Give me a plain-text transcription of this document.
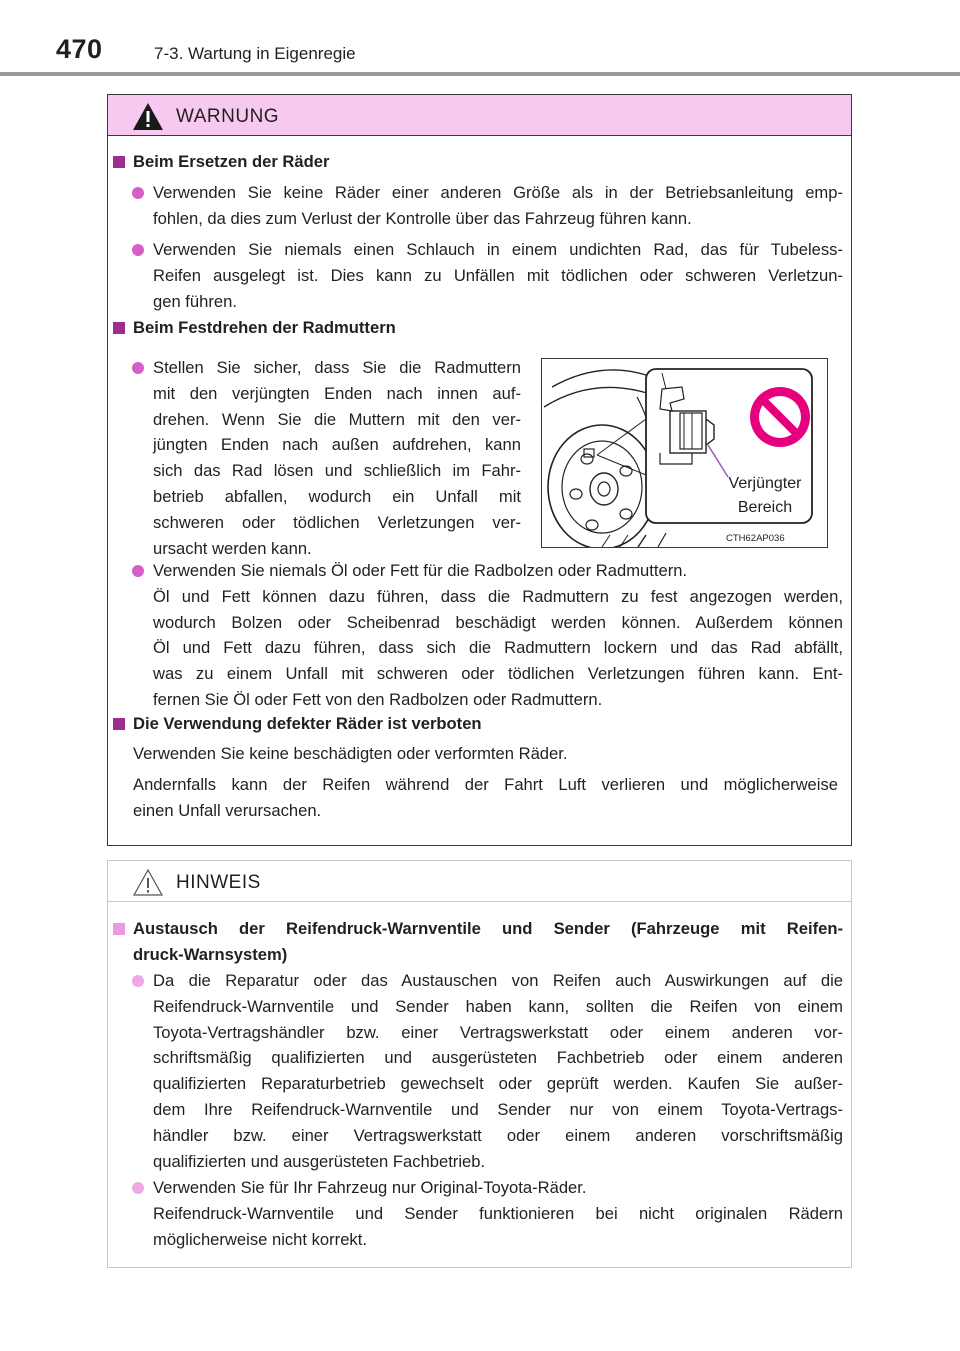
470	7-3. Wartung in Eigenregie
WARNUNG
Beim Ersetzen der Räder
Verwenden Sie keine Räder einer anderen Größe als in der Betriebsanleitung emp-
fohlen, da dies zum Verlust der Kontrolle über das Fahrzeug führen kann.
Verwenden Sie niemals einen Schlauch in einem undichten Rad, das für Tubeless-
Reifen ausgelegt ist. Dies kann zu Unfällen mit tödlichen oder schweren Verletzun-
gen führen.
Beim Festdrehen der Radmuttern
Stellen Sie sicher, dass Sie die Radmuttern
mit den verjüngten Enden nach innen auf-
drehen. Wenn Sie die Muttern mit den ver-
jüngten Enden nach außen aufdrehen, kann
sich das Rad lösen und schließlich im Fahr-
betrieb abfallen, wodurch ein Unfall mit
schweren oder tödlichen Verletzungen ver-
ursacht werden kann.
Verjüngter
Bereich
CTH62AP036
Verwenden Sie niemals Öl oder Fett für die Radbolzen oder Radmuttern.
Öl und Fett können dazu führen, dass die Radmuttern zu fest angezogen werden,
wodurch Bolzen oder Scheibenrad beschädigt werden können. Außerdem können
Öl und Fett dazu führen, dass sich die Radmuttern lockern und das Rad abfällt,
was zu einem Unfall mit schweren oder tödlichen Verletzungen führen kann. Ent-
fernen Sie Öl oder Fett von den Radbolzen oder Radmuttern.
Die Verwendung defekter Räder ist verboten
Verwenden Sie keine beschädigten oder verformten Räder.
Andernfalls kann der Reifen während der Fahrt Luft verlieren und möglicherweise
einen Unfall verursachen.
HINWEIS
Austausch der Reifendruck-Warnventile und Sender (Fahrzeuge mit Reifen-
druck-Warnsystem)
Da die Reparatur oder das Austauschen von Reifen auch Auswirkungen auf die
Reifendruck-Warnventile und Sender haben kann, sollten die Reifen von einem
Toyota-Vertragshändler bzw. einer Vertragswerkstatt oder einem anderen vor-
schriftsmäßig qualifizierten und ausgerüsteten Fachbetrieb oder einem anderen
qualifizierten Reparaturbetrieb gewechselt oder geprüft werden. Kaufen Sie außer-
dem Ihre Reifendruck-Warnventile und Sender nur von einem Toyota-Vertrags-
händler bzw. einer Vertragswerkstatt oder einem anderen vorschriftsmäßig
qualifizierten und ausgerüsteten Fachbetrieb.
Verwenden Sie für Ihr Fahrzeug nur Original-Toyota-Räder.
Reifendruck-Warnventile und Sender funktionieren bei nicht originalen Rädern
möglicherweise nicht korrekt.
